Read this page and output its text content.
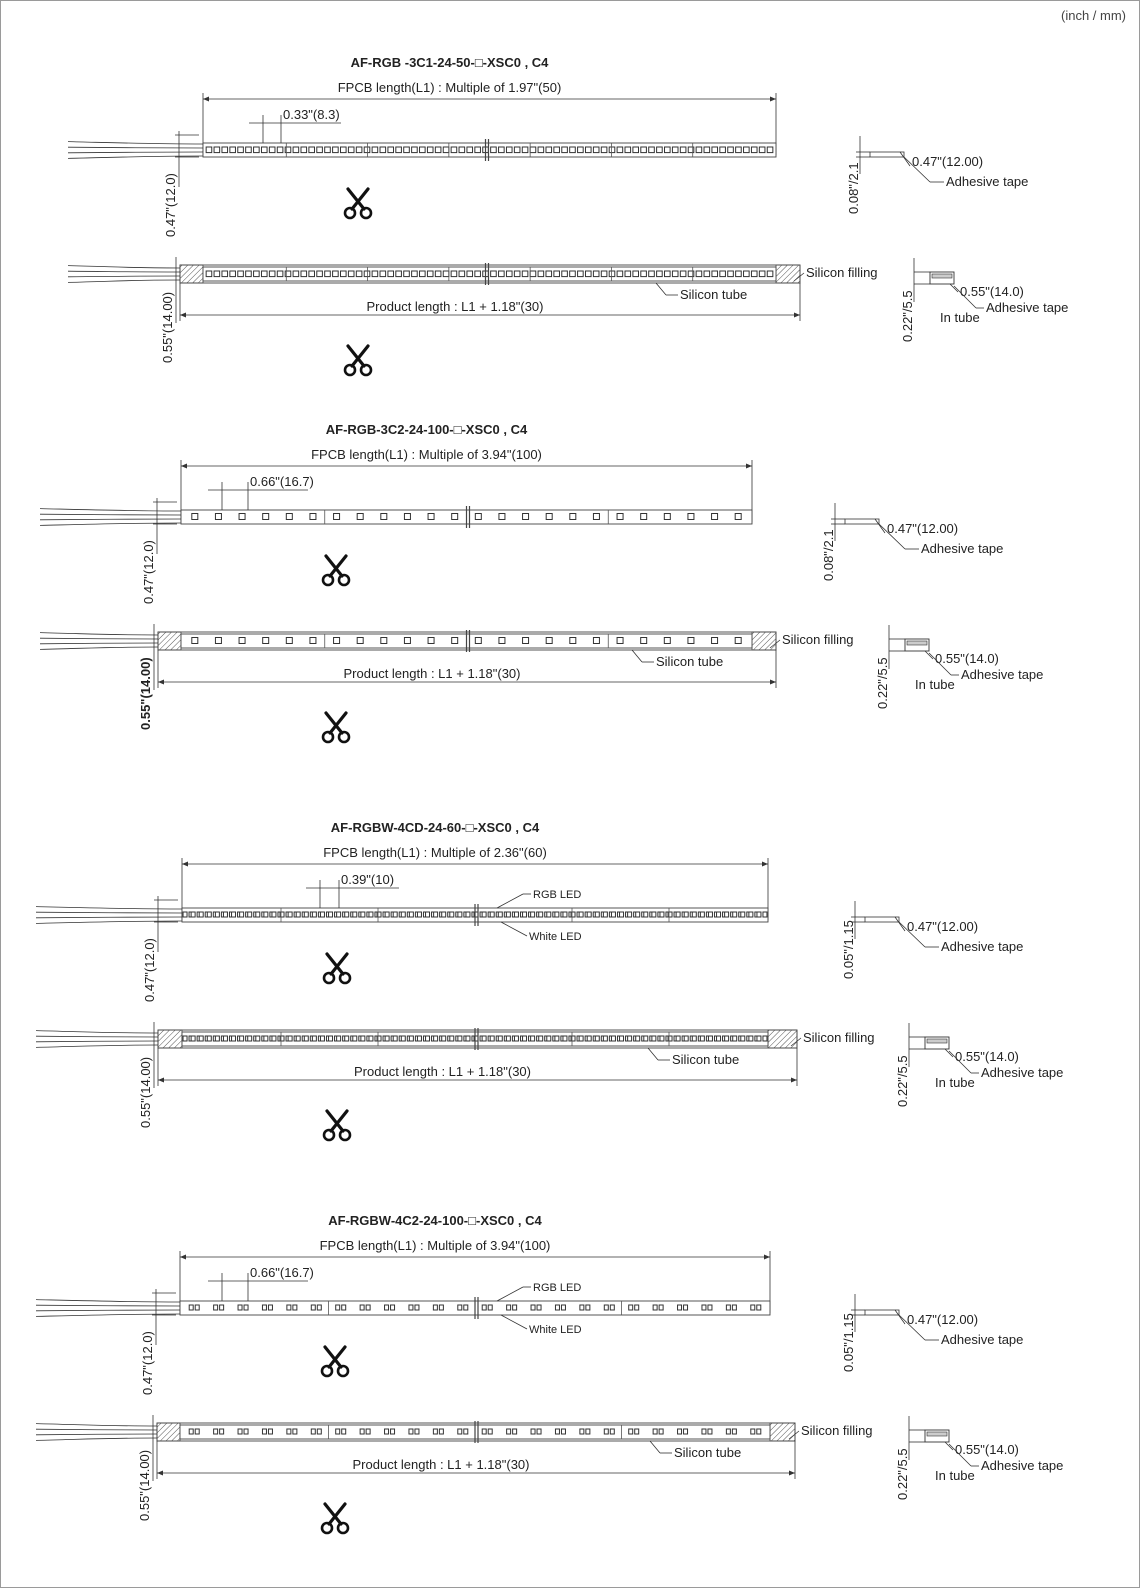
(inch / mm)
AF-RGB -3C1-24-50-□-XSC0 , C4
FPCB length(L1) : Multiple of 1.97"(50)
0.33"(8.3)
0.47"(12.0)
Silicon tube
Silicon filling
Product length : L1 + 1.18"(30)
0.55"(14.00)
0.08"/2.1
0.47"(12.00)
Adhesive tape
0.22"/5.5	0.55"(14.0)
Adhesive tape
In tube
AF-RGB-3C2-24-100-□-XSC0 , C4
FPCB length(L1) : Multiple of 3.94"(100)
0.66"(16.7)
0.47"(12.0)
Silicon tube
Silicon filling
Product length : L1 + 1.18"(30)
0.55"(14.00)
0.08"/2.1
0.47"(12.00)
Adhesive tape
0.22"/5.5	0.55"(14.0)
Adhesive tape
In tube
AF-RGBW-4CD-24-60-□-XSC0 , C4
FPCB length(L1) : Multiple of 2.36"(60)
0.39"(10)
RGB LED
White LED
0.47"(12.0)
Silicon tube
Silicon filling
Product length : L1 + 1.18"(30)
0.55"(14.00)
0.05"/1.15	0.47"(12.00)
Adhesive tape
0.22"/5.5	0.55"(14.0)
Adhesive tape
In tube
AF-RGBW-4C2-24-100-□-XSC0 , C4
FPCB length(L1) : Multiple of 3.94"(100)
0.66"(16.7)
RGB LED
White LED
0.47"(12.0)
Silicon tube
Silicon filling
Product length : L1 + 1.18"(30)
0.55"(14.00)
0.05"/1.15	0.47"(12.00)
Adhesive tape
0.22"/5.5	0.55"(14.0)
Adhesive tape
In tube
